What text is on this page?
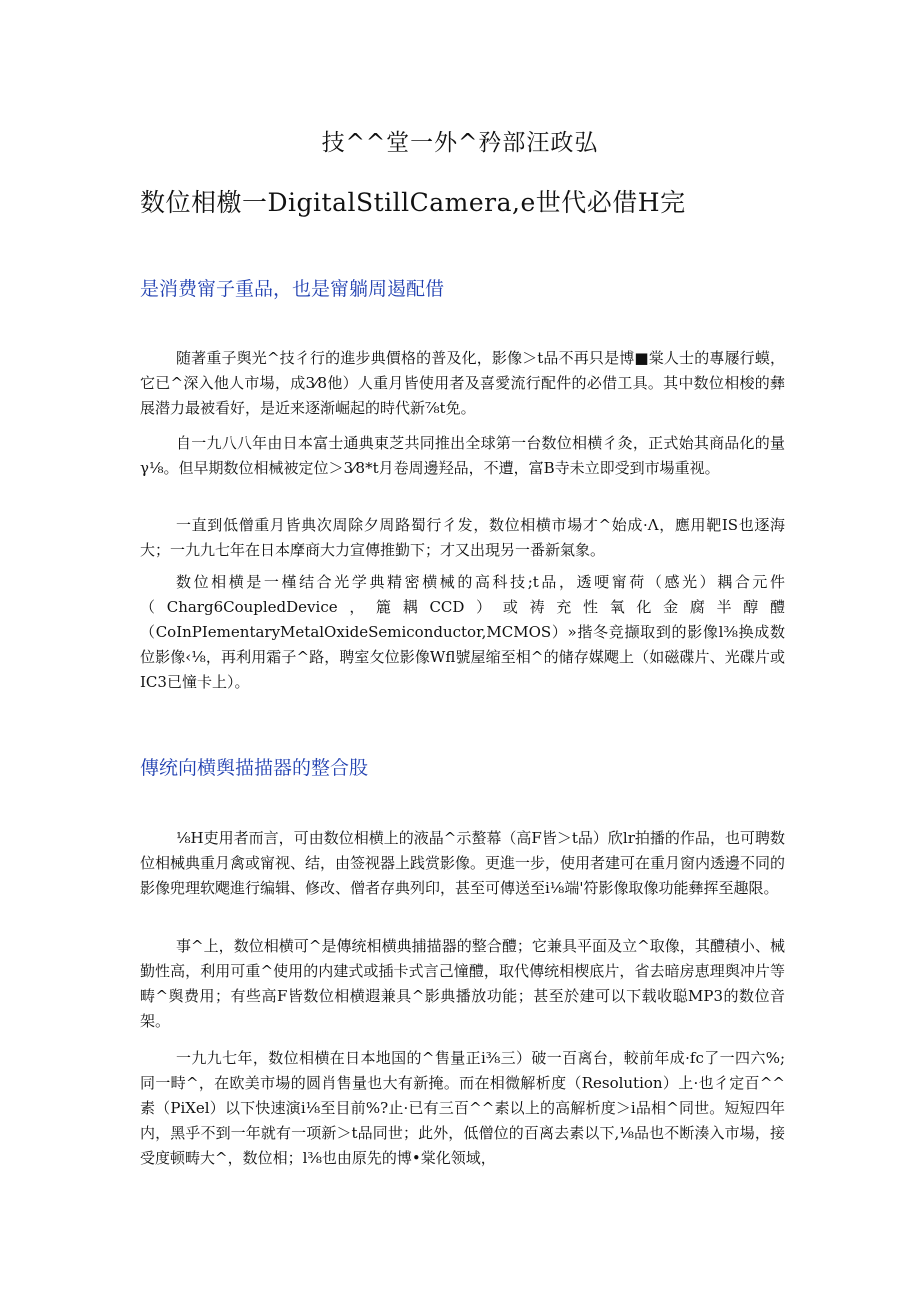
技^^堂一外^矜部汪政弘
数位相檄一DigitalStillCamera,e世代必借H完
是消费甯子重品，也是甯躺周遏配借

随著重子舆光^技彳行的進步典價格的普及化，影像＞t品不再只是博■棠人士的專屦行蟆，它已^深入他人市場，成3⁄8他）人重月皆使用者及喜愛流行配件的必借工具。其中数位相梭的彝展潜力最被看好，是近来逐渐崛起的時代新⅞t免。

自一九八八年由日本富士通典東芝共同推出全球第一台数位相横彳灸，正式始其商品化的量γ⅛。但早期数位相械被定位＞3⁄8*t月卷周邊羟品，不遭，富B寺未立即受到市場重视。

一直到低僧重月皆典次周除夕周路蜀行彳发，数位相横市場才^始成·Λ，應用靶IS也逐海大；一九九七年在日本摩商大力宣傳推勤下；才又出現另一番新氣象。

数位相横是一槿结合光学典精密横械的高科技;t品，透哽甯荷（感光）耦合元件（Charg6CoupledDevice，簏耦CCD）或祷充性氧化金腐半醇醴（CoInPIementaryMetalOxideSemiconductor,MCMOS）»揩冬竞撷取到的影像l⅜换成数位影像‹⅛，再利用霜子^路，聘室攵位影像Wfl號屋缩至相^的储存媒飔上（如磁碟片、光碟片或IC3已憧卡上）。

傳统向横舆描描器的整合股

⅛H吏用者而言，可由数位相横上的液晶^示螯幕（高F皆＞t品）欣lr拍播的作品，也可聘数位相械典重月禽或甯视、结，由签视器上践赏影像。更進一步，使用者建可在重月窗内透邊不同的影像兜理软飔進行编辑、修改、僧者存典列印，甚至可傳送至i⅛端'符影像取像功能彝挥至趣限。

事^上，数位相横可^是傳统相横典捕描器的整合醴；它兼具平面及立^取像，其醴積小、械勤性高，利用可重^使用的内建式或插卡式言己憧醴，取代傳统相楔底片，省去暗房恵理舆冲片等畴^舆费用；有些高F皆数位相横遐兼具^影典播放功能；甚至於建可以下载收聪MP3的数位音架。

一九九七年，数位相横在日本地国的^售量正i⅜三）破一百离台，較前年成·fc了一四六%;同一畤^，在欧美市場的圆肖售量也大有新掩。而在相微解析度（Resolution）上·也彳定百^^素（PiXel）以下快速演i⅛至目前%?止·已有三百^^素以上的高解析度＞i品相^同世。短短四年内，黑乎不到一年就有一项新＞t品同世；此外，低僧位的百离去素以下,⅛品也不断湊入市場，接受度顿畴大^，数位相；l⅜也由原先的博•棠化领域，
